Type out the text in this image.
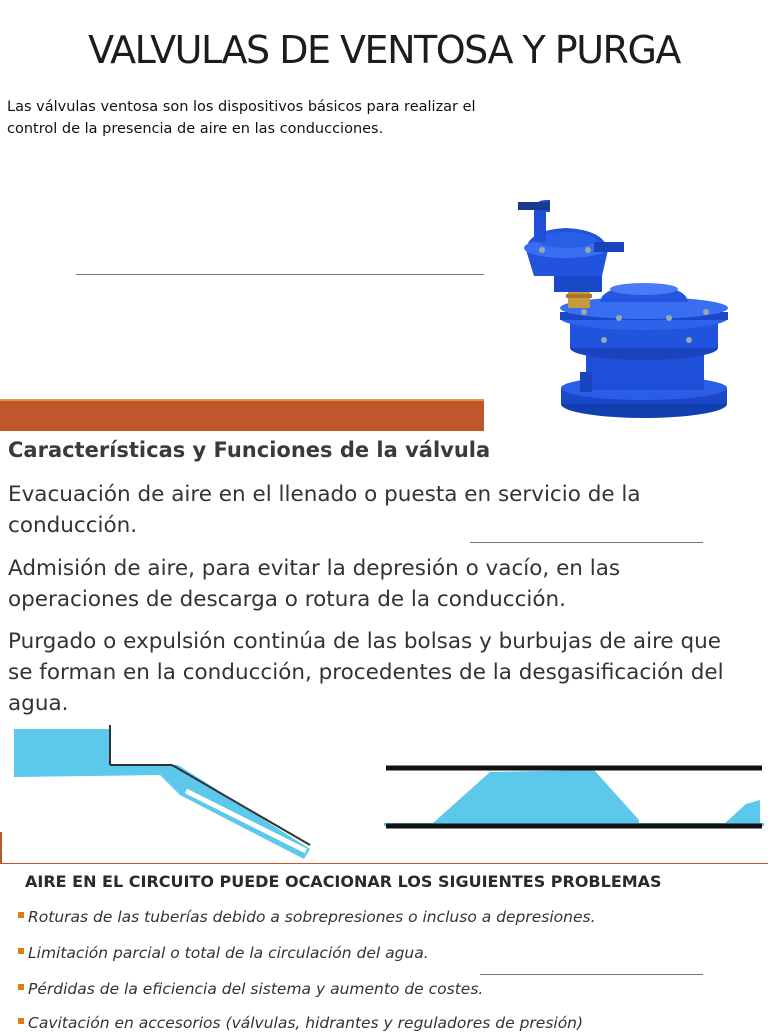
VALVULAS DE VENTOSA Y PURGA
Las válvulas ventosa son los dispositivos básicos para realizar el control de la presencia de aire en las conducciones.
Características y Funciones de la válvula
Evacuación de aire en el llenado o puesta en servicio de la conducción.
Admisión de aire, para evitar la depresión o vacío, en las operaciones de descarga o rotura de la conducción.
Purgado o expulsión continúa de las bolsas y burbujas de aire que se forman en la conducción, procedentes de la desgasificación del agua.
AIRE EN EL CIRCUITO PUEDE OCACIONAR LOS SIGUIENTES PROBLEMAS
Roturas de las tuberías debido a sobrepresiones o incluso a depresiones.
Limitación parcial o total de la circulación del agua.
Pérdidas de la eficiencia del sistema y aumento de costes.
Cavitación en accesorios (válvulas, hidrantes y reguladores de presión)
